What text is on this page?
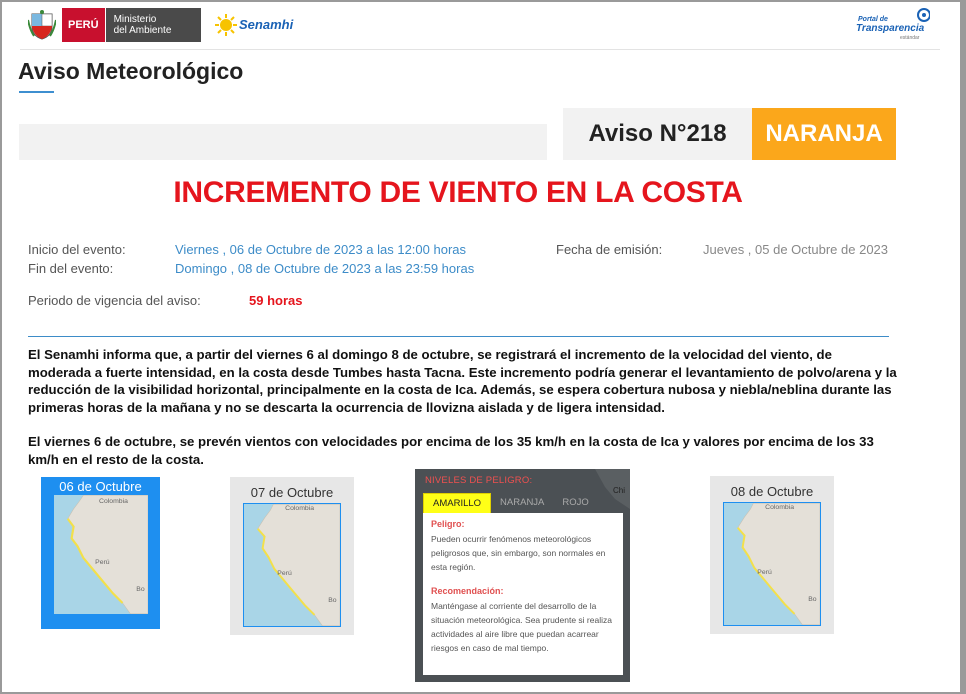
PERÚ	Ministerio
del Ambiente	Senamhi	Portal de
Transparencia
estándar
Aviso Meteorológico
Aviso N°218	NARANJA
INCREMENTO DE VIENTO EN LA COSTA
Inicio del evento:	Viernes , 06 de Octubre de 2023 a las 12:00 horas	Fecha de emisión:	Jueves , 05 de Octubre de 2023
Fin del evento:	Domingo , 08 de Octubre de 2023 a las 23:59 horas
Periodo de vigencia del aviso:	59 horas

El Senamhi informa que, a partir del viernes 6 al domingo 8 de octubre, se registrará el incremento de la velocidad del viento, de moderada a fuerte intensidad, en la costa desde Tumbes hasta Tacna. Este incremento podría generar el levantamiento de polvo/arena y la reducción de la visibilidad horizontal, principalmente en la costa de Ica. Además, se espera cobertura nubosa y niebla/neblina durante las primeras horas de la mañana y no se descarta la ocurrencia de llovizna aislada y de ligera intensidad.

El viernes 6 de octubre, se prevén vientos con velocidades por encima de los 35 km/h en la costa de Ica y valores por encima de los 33 km/h en el resto de la costa.

06 de Octubre
Colombia
Perú
Bo
07 de Octubre
Colombia
Perú
Bo
Chi
NIVELES DE PELIGRO:
AMARILLO	NARANJA	ROJO
Peligro:
Pueden ocurrir fenómenos meteorológicos peligrosos que, sin embargo, son normales en esta región.
Recomendación:
Manténgase al corriente del desarrollo de la situación meteorológica. Sea prudente si realiza actividades al aire libre que puedan acarrear riesgos en caso de mal tiempo.
08 de Octubre
Colombia
Perú
Bo
